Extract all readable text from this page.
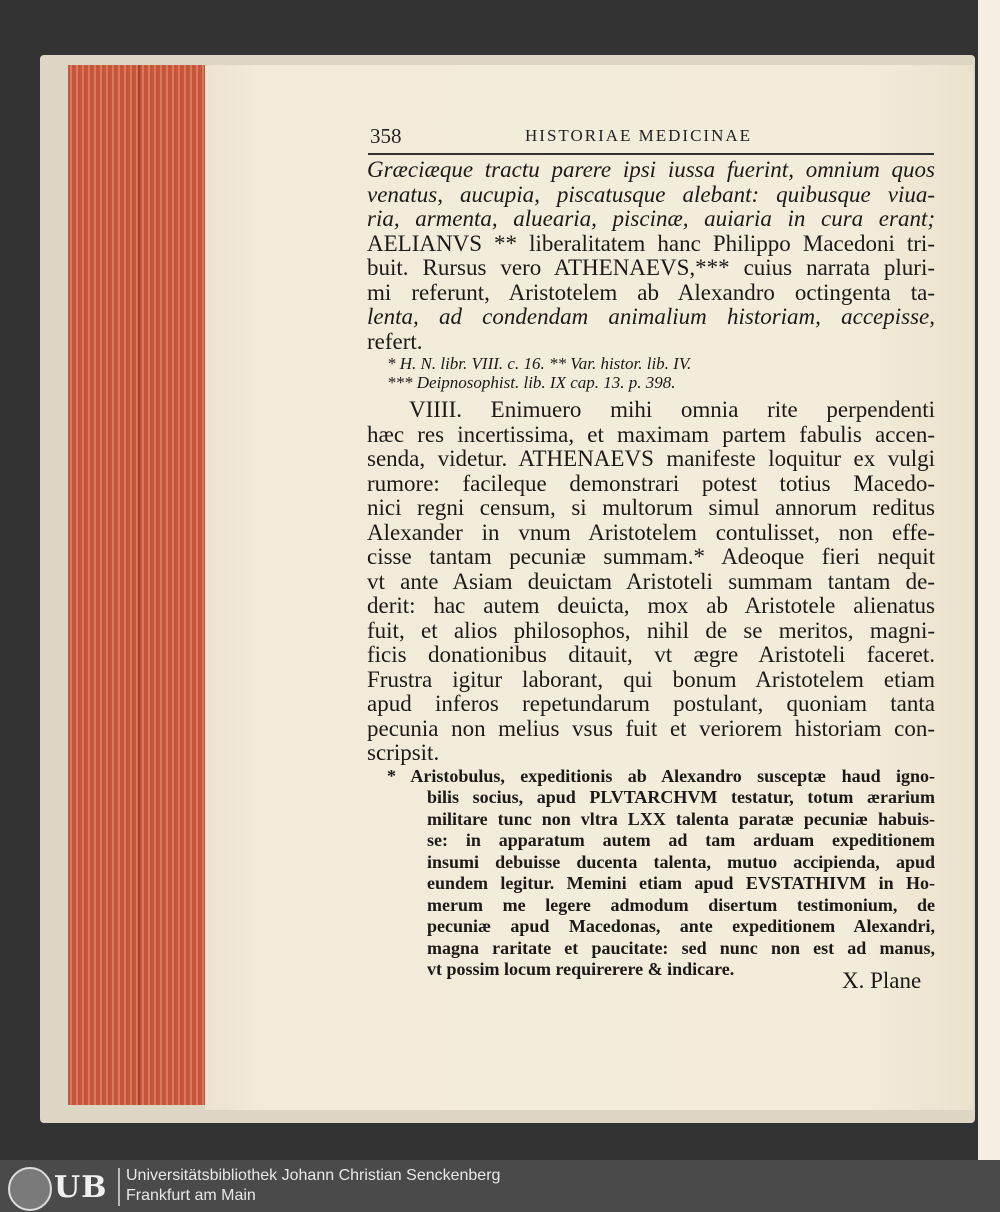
358	HISTORIAE MEDICINAE
Græciæque tractu parere ipsi iussa fuerint, omnium quos
venatus, aucupia, piscatusque alebant: quibusque viua-
ria, armenta, aluearia, piscinæ, auiaria in cura erant;
AELIANVS ** liberalitatem hanc Philippo Macedoni tri-
buit. Rursus vero ATHENAEVS,*** cuius narrata pluri-
mi referunt, Aristotelem ab Alexandro octingenta ta-
lenta, ad condendam animalium historiam, accepisse,
refert.
* H. N. libr. VIII. c. 16. ** Var. histor. lib. IV.
*** Deipnosophist. lib. IX cap. 13. p. 398.
VIIII. Enimuero mihi omnia rite perpendenti
hæc res incertissima, et maximam partem fabulis accen-
senda, videtur. ATHENAEVS manifeste loquitur ex vulgi
rumore: facileque demonstrari potest totius Macedo-
nici regni censum, si multorum simul annorum reditus
Alexander in vnum Aristotelem contulisset, non effe-
cisse tantam pecuniæ summam.* Adeoque fieri nequit
vt ante Asiam deuictam Aristoteli summam tantam de-
derit: hac autem deuicta, mox ab Aristotele alienatus
fuit, et alios philosophos, nihil de se meritos, magni-
ficis donationibus ditauit, vt ægre Aristoteli faceret.
Frustra igitur laborant, qui bonum Aristotelem etiam
apud inferos repetundarum postulant, quoniam tanta
pecunia non melius vsus fuit et veriorem historiam con-
scripsit.
* Aristobulus, expeditionis ab Alexandro susceptæ haud igno-
bilis socius, apud PLVTARCHVM testatur, totum ærarium
militare tunc non vltra LXX talenta paratæ pecuniæ habuis-
se: in apparatum autem ad tam arduam expeditionem
insumi debuisse ducenta talenta, mutuo accipienda, apud
eundem legitur. Memini etiam apud EVSTATHIVM in Ho-
merum me legere admodum disertum testimonium, de
pecuniæ apud Macedonas, ante expeditionem Alexandri,
magna raritate et paucitate: sed nunc non est ad manus,
vt possim locum requirerere & indicare.	X. Plane
UB Universitätsbibliothek Johann Christian Senckenberg
Frankfurt am Main
